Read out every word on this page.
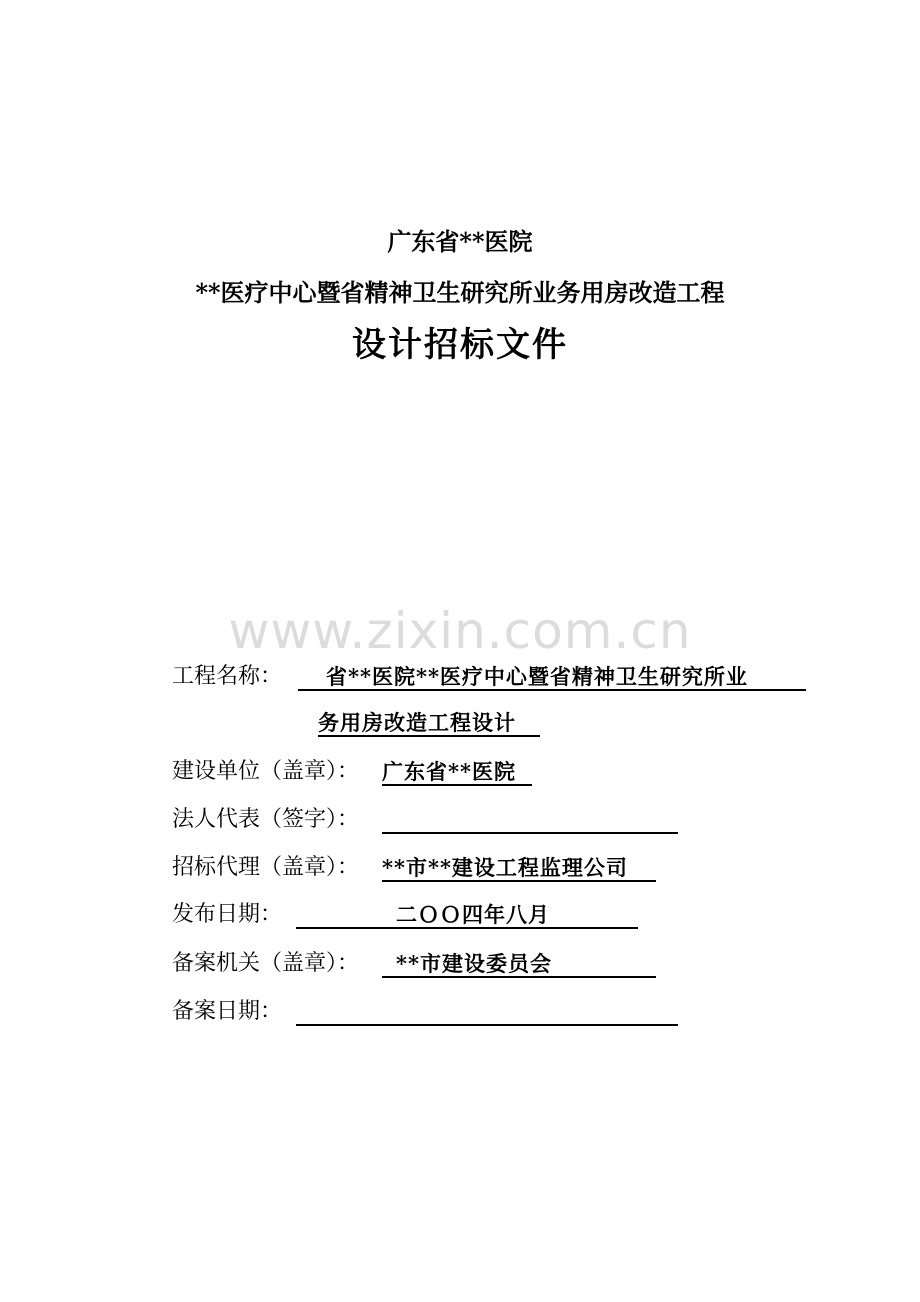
广东省**医院
**医疗中心暨省精神卫生研究所业务用房改造工程
设计招标文件
www.zixin.com.cn
工程名称： 省**医院**医疗中心暨省精神卫生研究所业
务用房改造工程设计
建设单位（盖章）： 广东省**医院
法人代表（签字）：
招标代理（盖章）： **市**建设工程监理公司
发布日期：	二ＯＯ四年八月
备案机关（盖章）： **市建设委员会
备案日期：
